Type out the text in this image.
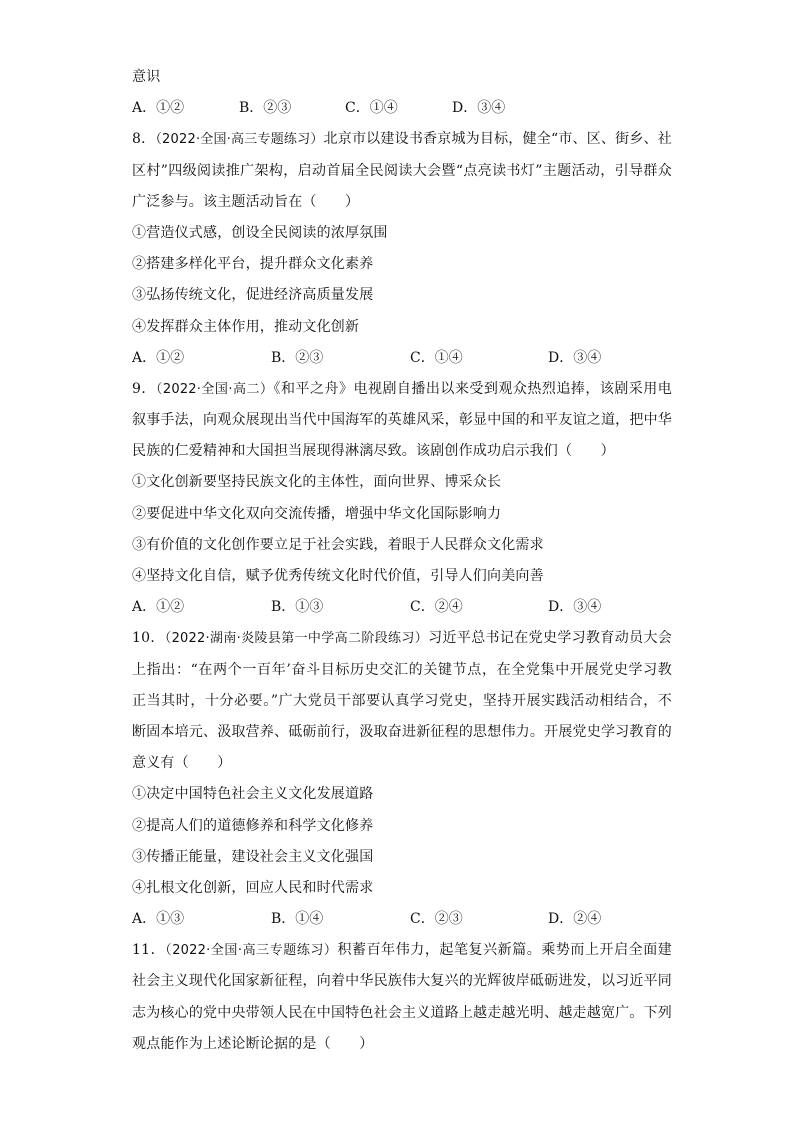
意识
A．①②	B．②③	C．①④	D．③④
8．（2022·全国·高三专题练习）北京市以建设书香京城为目标，健全“市、区、街乡、社
区村”四级阅读推广架构，启动首届全民阅读大会暨“点亮读书灯”主题活动，引导群众
广泛参与。该主题活动旨在（　　）
①营造仪式感，创设全民阅读的浓厚氛围
②搭建多样化平台，提升群众文化素养
③弘扬传统文化，促进经济高质量发展
④发挥群众主体作用，推动文化创新
A．①②	B．②③	C．①④	D．③④
9．（2022·全国·高二）《和平之舟》电视剧自播出以来受到观众热烈追捧，该剧采用电
叙事手法，向观众展现出当代中国海军的英雄风采，彰显中国的和平友谊之道，把中华
民族的仁爱精神和大国担当展现得淋漓尽致。该剧创作成功启示我们（　　）
①文化创新要坚持民族文化的主体性，面向世界、博采众长
②要促进中华文化双向交流传播，增强中华文化国际影响力
③有价值的文化创作要立足于社会实践，着眼于人民群众文化需求
④坚持文化自信，赋予优秀传统文化时代价值，引导人们向美向善
A．①②	B．①③	C．②④	D．③④
10．（2022·湖南·炎陵县第一中学高二阶段练习）习近平总书记在党史学习教育动员大会
上指出：“在两个一百年’奋斗目标历史交汇的关键节点，在全党集中开展党史学习教
正当其时，十分必要。”广大党员干部要认真学习党史，坚持开展实践活动相结合，不
断固本培元、汲取营养、砥砺前行，汲取奋进新征程的思想伟力。开展党史学习教育的
意义有（　　）
①决定中国特色社会主义文化发展道路
②提高人们的道德修养和科学文化修养
③传播正能量，建设社会主义文化强国
④扎根文化创新，回应人民和时代需求
A．①③	B．①④	C．②③	D．②④
11．（2022·全国·高三专题练习）积蓄百年伟力，起笔复兴新篇。乘势而上开启全面建
社会主义现代化国家新征程，向着中华民族伟大复兴的光辉彼岸砥砺进发，以习近平同
志为核心的党中央带领人民在中国特色社会主义道路上越走越光明、越走越宽广。下列
观点能作为上述论断论据的是（　　）
